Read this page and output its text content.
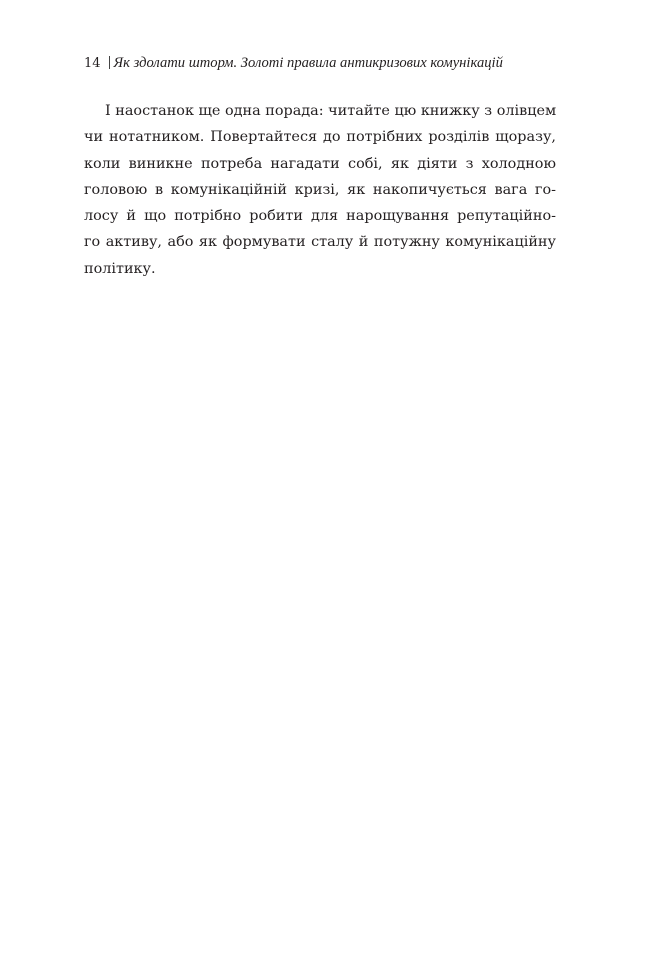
14 Як здолати шторм. Золоті правила антикризових комунікацій
І наостанок ще одна порада: читайте цю книжку з олівцем
чи нотатником. Повертайтеся до потрібних розділів щоразу,
коли виникне потреба нагадати собі, як діяти з холодною
головою в комунікаційній кризі, як накопичується вага го-
лосу й що потрібно робити для нарощування репутаційно-
го активу, або як формувати сталу й потужну комунікаційну
політику.
